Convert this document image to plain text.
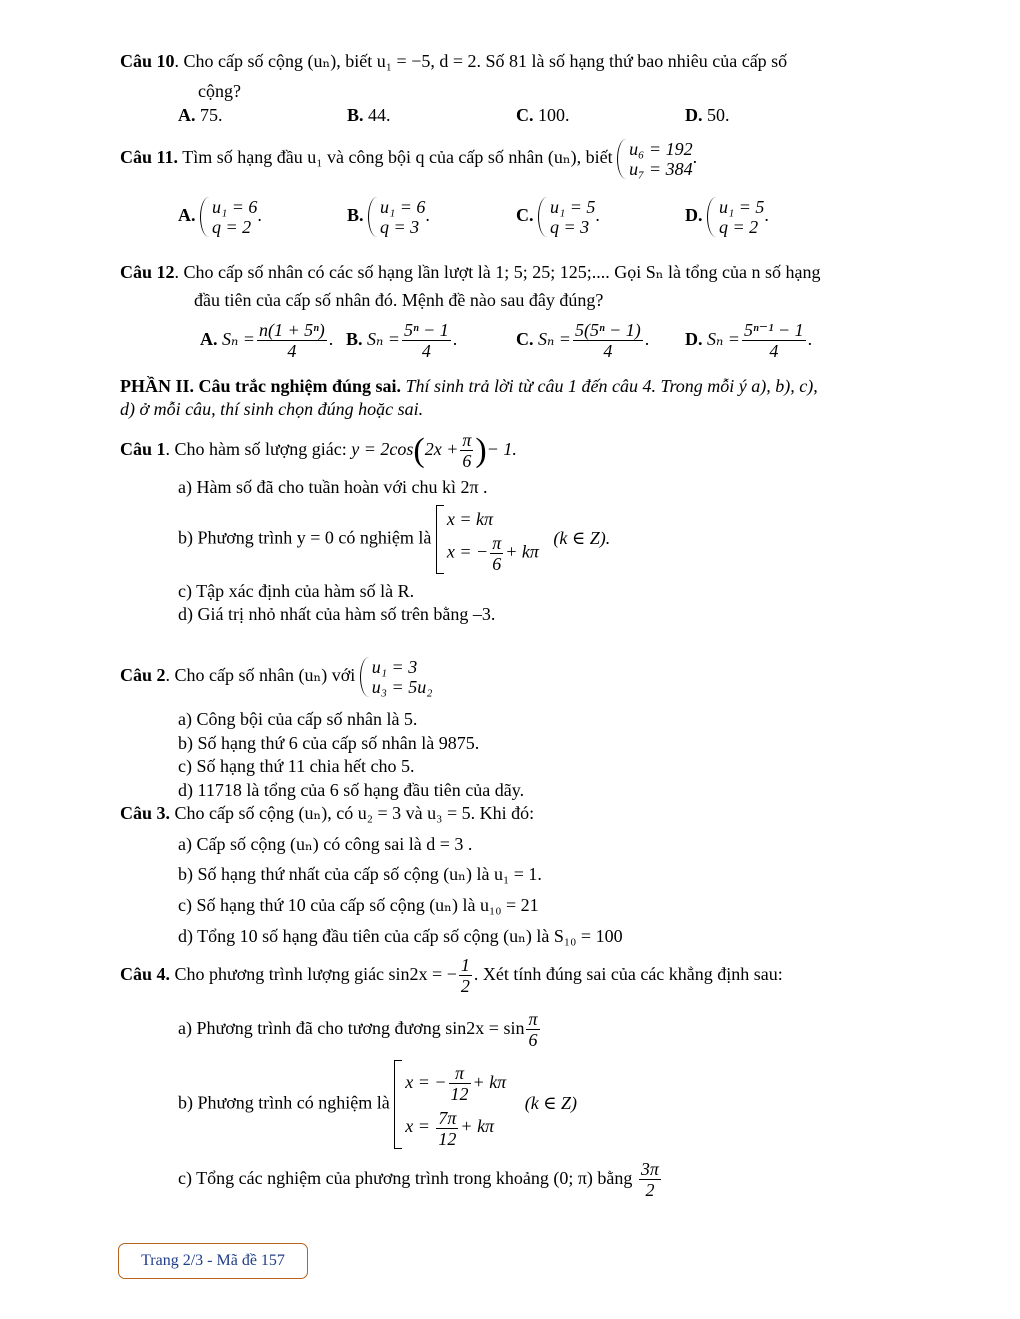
Câu 10. Cho cấp số cộng (uₙ), biết u₁ = −5, d = 2. Số 81 là số hạng thứ bao nhiêu của cấp số
cộng?
A. 75.	B. 44.	C. 100.	D. 50.
Câu 11. Tìm số hạng đầu u₁ và công bội q của cấp số nhân (uₙ), biết u₆ = 192
u₇ = 384
.
A. u₁ = 6
q = 2
.	B. u₁ = 6
q = 3
.	C. u₁ = 5
q = 3
.	D. u₁ = 5
q = 2
.
Câu 12. Cho cấp số nhân có các số hạng lần lượt là 1; 5; 25; 125;.... Gọi Sₙ là tổng của n số hạng
đầu tiên của cấp số nhân đó. Mệnh đề nào sau đây đúng?
A. $S_n = \frac{\text{n(1 + 5ⁿ)}}{4}$ . B. $S_n = \frac{\text{5ⁿ − 1}}{4}$ .	C. $S_n = \frac{\text{5(5ⁿ − 1)}}{4}$ . D. $S_n = \frac{\text{5ⁿ⁻¹ − 1}}{4}$ .
PHẦN II. Câu trắc nghiệm đúng sai. Thí sinh trả lời từ câu 1 đến câu 4. Trong mỗi ý a), b), c),
d) ở mỗi câu, thí sinh chọn đúng hoặc sai.
Câu 1. Cho hàm số lượng giác: $y = 2\cos(2x + \frac{\pi}{6}$ )− 1.
a) Hàm số đã cho tuần hoàn với chu kì 2π .
b) Phương trình y = 0 có nghiệm là
x = kπ
x = − $\frac{\pi}{6} + k\pi$
(k ∈ Z).
c) Tập xác định của hàm số là R.
d) Giá trị nhỏ nhất của hàm số trên bằng –3.
Câu 2. Cho cấp số nhân (uₙ) với u₁ = 3
u₃ = 5u₂
a) Công bội của cấp số nhân là 5.
b) Số hạng thứ 6 của cấp số nhân là 9875.
c) Số hạng thứ 11 chia hết cho 5.
d) 11718 là tổng của 6 số hạng đầu tiên của dãy.
Câu 3. Cho cấp số cộng (uₙ), có u₂ = 3 và u₃ = 5. Khi đó:
a) Cấp số cộng (uₙ) có công sai là d = 3 .
b) Số hạng thứ nhất của cấp số cộng (uₙ) là u₁ = 1.
c) Số hạng thứ 10 của cấp số cộng (uₙ) là u₁₀ = 21
d) Tổng 10 số hạng đầu tiên của cấp số cộng (uₙ) là S₁₀ = 100
Câu 4. Cho phương trình lượng giác sin2x = − $\frac{1}{2}$ . Xét tính đúng sai của các khẳng định sau:
a) Phương trình đã cho tương đương $\sin 2x = \sin \frac{\pi}{6}$
b) Phương trình có nghiệm là
x = − $\frac{\pi}{12} + k\pi$
$x = \frac{7\pi}{12} + k\pi$
(k ∈ Z)
c) Tổng các nghiệm của phương trình trong khoảng (0; π) bằng $\frac{3\pi}{2}$
Trang 2/3 - Mã đề 157
